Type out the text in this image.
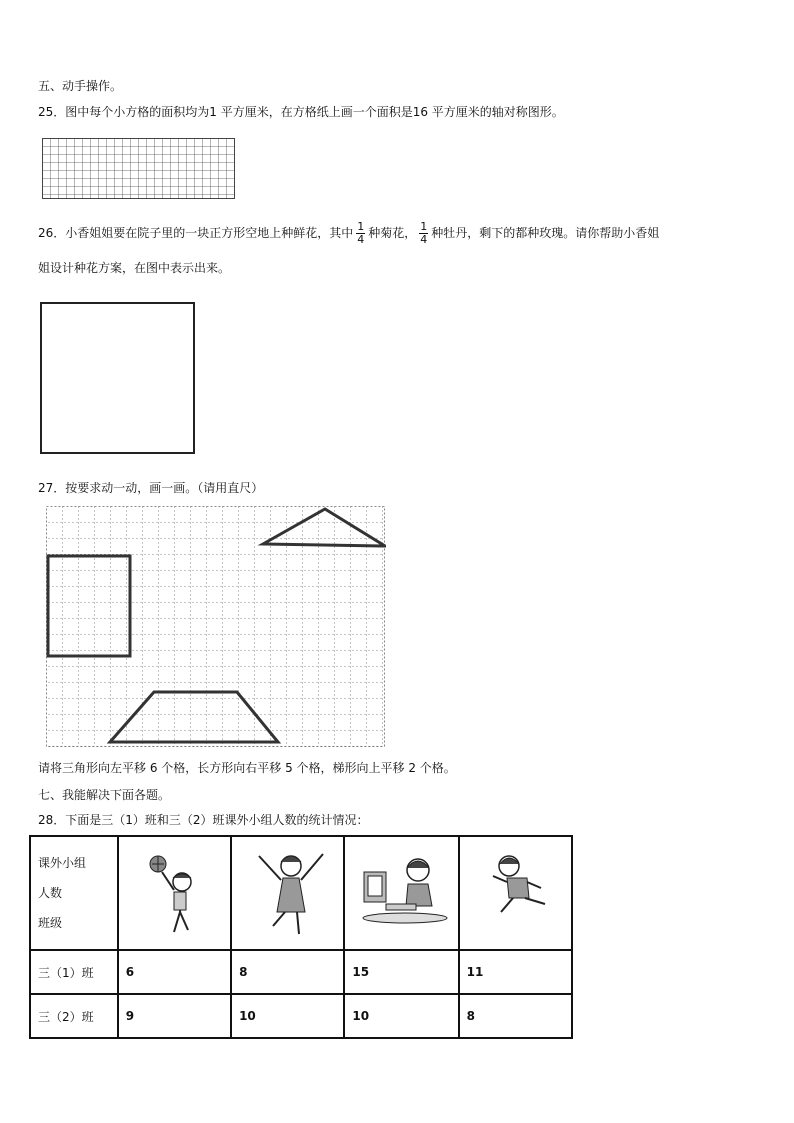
五、动手操作。
25．图中每个小方格的面积均为1 平方厘米，在方格纸上画一个面积是16 平方厘米的轴对称图形。
26．小香姐姐要在院子里的一块正方形空地上种鲜花，其中 $\frac{1}{4}$ 种菊花， $\frac{1}{4}$ 种牡丹，剩下的都种玫瑰。请你帮助小香姐
姐设计种花方案，在图中表示出来。
27．按要求动一动，画一画。（请用直尺）
请将三角形向左平移 6 个格，长方形向右平移 5 个格，梯形向上平移 2 个格。
七、我能解决下面各题。
28．下面是三（1）班和三（2）班课外小组人数的统计情况：
课外小组
人数
班级

三（1）班	6	8	15	11
三（2）班	9	10	10	8
